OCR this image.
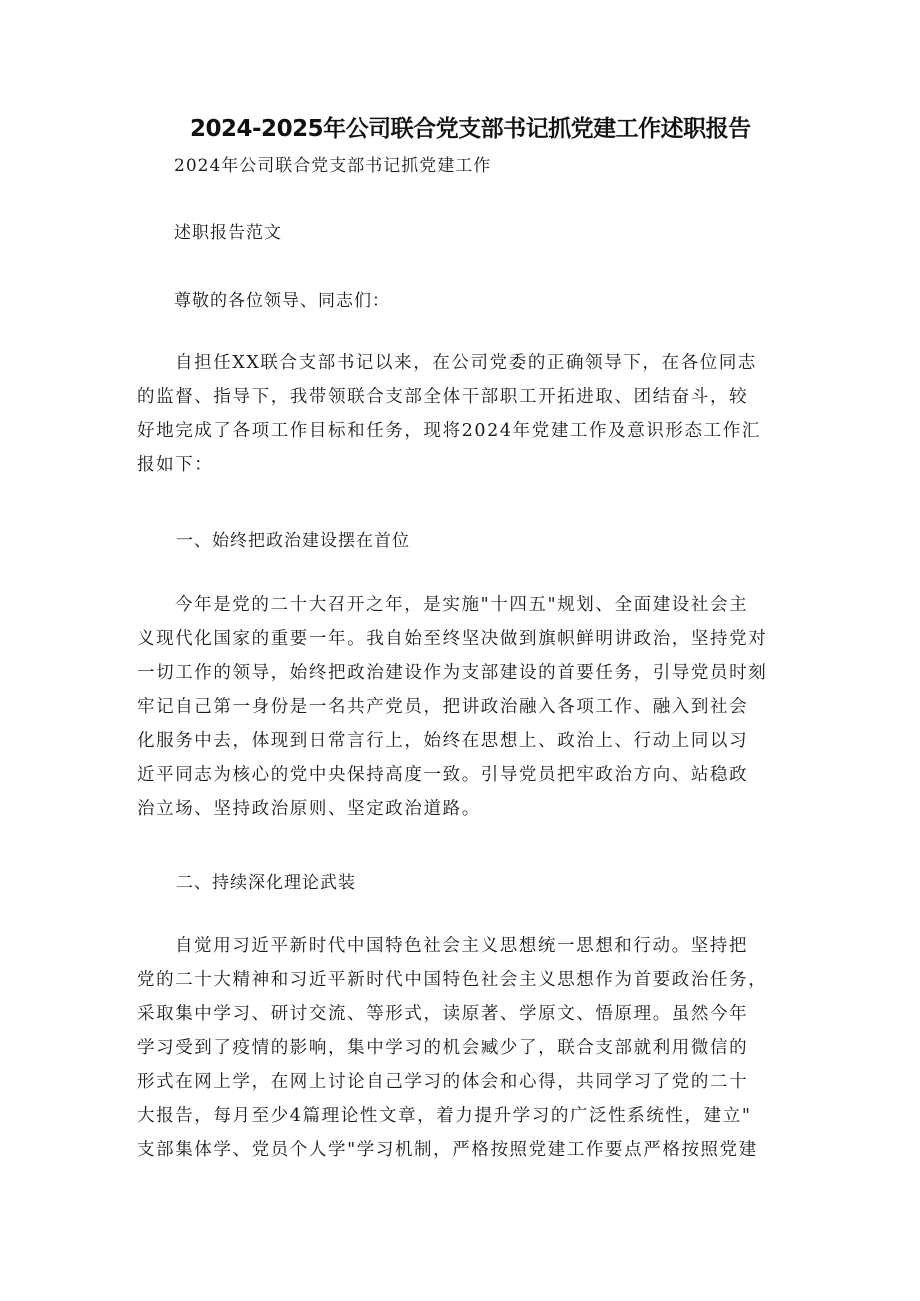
2024-2025年公司联合党支部书记抓党建工作述职报告

2024年公司联合党支部书记抓党建工作

述职报告范文

尊敬的各位领导、同志们：

自担任XX联合支部书记以来，在公司党委的正确领导下，在各位同志
的监督、指导下，我带领联合支部全体干部职工开拓进取、团结奋斗，较
好地完成了各项工作目标和任务，现将2024年党建工作及意识形态工作汇
报如下：

一、始终把政治建设摆在首位

今年是党的二十大召开之年，是实施"十四五"规划、全面建设社会主
义现代化国家的重要一年。我自始至终坚决做到旗帜鲜明讲政治，坚持党对
一切工作的领导，始终把政治建设作为支部建设的首要任务，引导党员时刻
牢记自己第一身份是一名共产党员，把讲政治融入各项工作、融入到社会
化服务中去，体现到日常言行上，始终在思想上、政治上、行动上同以习
近平同志为核心的党中央保持高度一致。引导党员把牢政治方向、站稳政
治立场、坚持政治原则、坚定政治道路。

二、持续深化理论武装

自觉用习近平新时代中国特色社会主义思想统一思想和行动。坚持把
党的二十大精神和习近平新时代中国特色社会主义思想作为首要政治任务，
采取集中学习、研讨交流、等形式，读原著、学原文、悟原理。虽然今年
学习受到了疫情的影响，集中学习的机会臧少了，联合支部就利用微信的
形式在网上学，在网上讨论自己学习的体会和心得，共同学习了党的二十
大报告，每月至少4篇理论性文章，着力提升学习的广泛性系统性，建立"
支部集体学、党员个人学"学习机制，严格按照党建工作要点严格按照党建
